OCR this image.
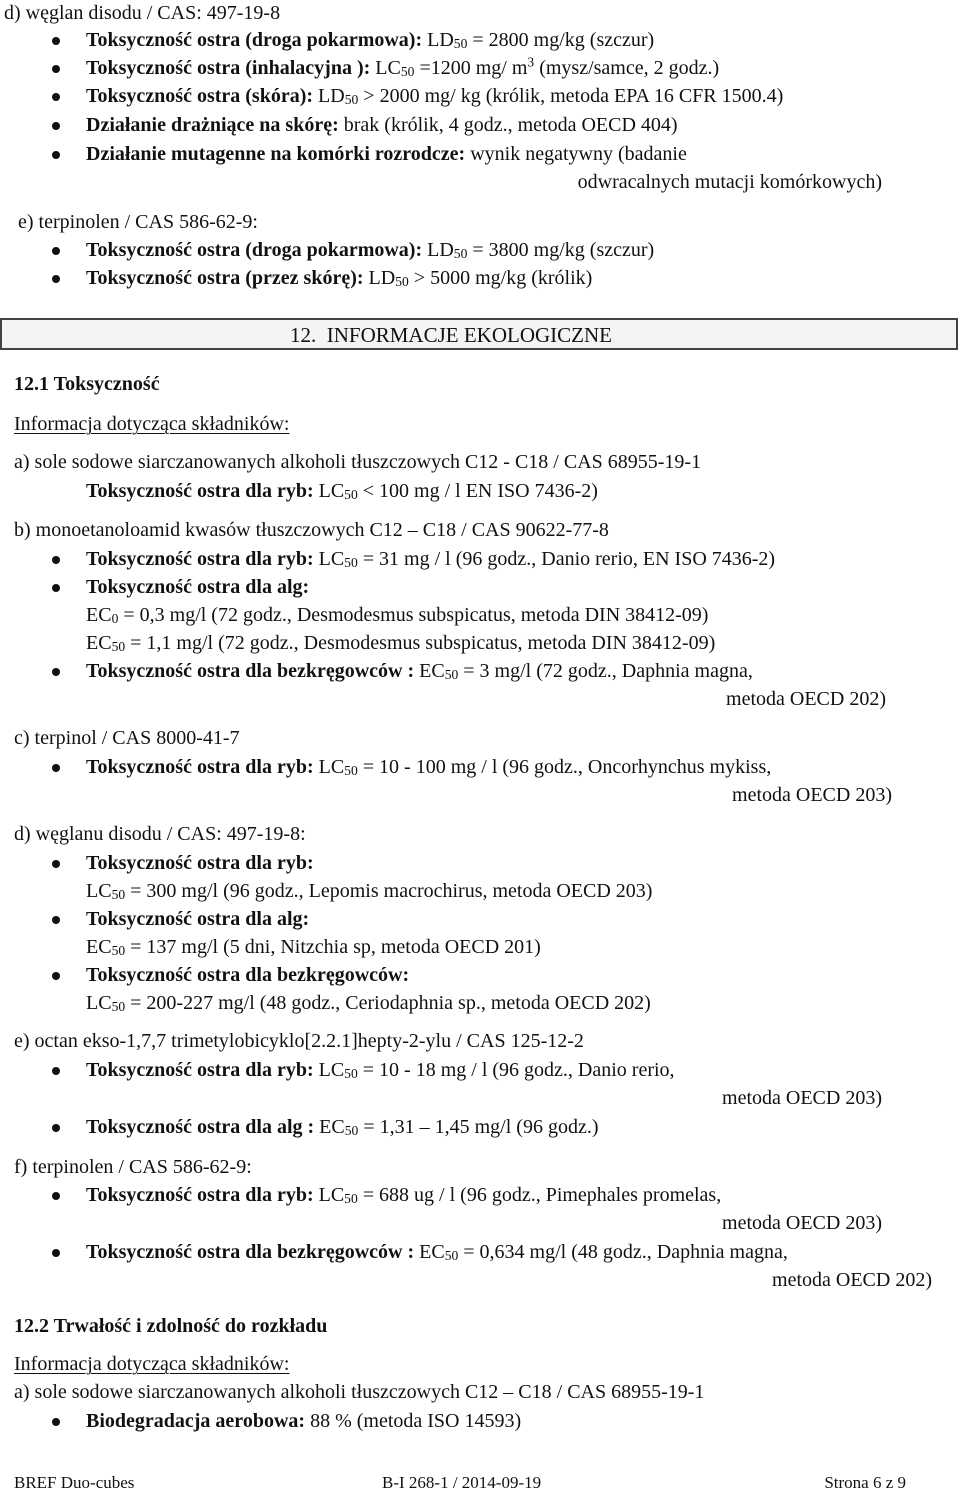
d) węglan disodu / CAS: 497-19-8
Toksyczność ostra (droga pokarmowa): $LD_{50} = 2800$ mg/kg (szczur)
Toksyczność ostra (inhalacyjna ): $LC_{50} =1200$ mg/ $m^3$ (mysz/samce, 2 godz.)
Toksyczność ostra (skóra): $LD_{50} > 2000$ mg/ kg (królik, metoda EPA 16 CFR 1500.4)
Działanie drażniące na skórę: brak (królik, 4 godz., metoda OECD 404)
Działanie mutagenne na komórki rozrodcze: wynik negatywny (badanie
odwracalnych mutacji komórkowych)
e) terpinolen / CAS 586-62-9:
Toksyczność ostra (droga pokarmowa): $LD_{50} = 3800$ mg/kg (szczur)
Toksyczność ostra (przez skórę): $LD_{50} > 5000$ mg/kg (królik)
12. INFORMACJE EKOLOGICZNE
12.1 Toksyczność
Informacja dotycząca składników:
a) sole sodowe siarczanowanych alkoholi tłuszczowych C12 - C18 / CAS 68955-19-1
Toksyczność ostra dla ryb: $LC_{50} < 100$ mg / l EN ISO 7436-2)
b) monoetanoloamid kwasów tłuszczowych C12 – C18 / CAS 90622-77-8
Toksyczność ostra dla ryb: $LC_{50} = 31$ mg / l (96 godz., Danio rerio, EN ISO 7436-2)
Toksyczność ostra dla alg:
$EC_0 = 0,3$ mg/l (72 godz., Desmodesmus subspicatus, metoda DIN 38412-09)
$EC_{50} = 1,1$ mg/l (72 godz., Desmodesmus subspicatus, metoda DIN 38412-09)
Toksyczność ostra dla bezkręgowców : $EC_{50} = 3$ mg/l (72 godz., Daphnia magna,
metoda OECD 202)
c) terpinol / CAS 8000-41-7
Toksyczność ostra dla ryb: $LC_{50} = 10 - 100$ mg / l (96 godz., Oncorhynchus mykiss,
metoda OECD 203)
d) węglanu disodu / CAS: 497-19-8:
Toksyczność ostra dla ryb:
$LC_{50} = 300$ mg/l (96 godz., Lepomis macrochirus, metoda OECD 203)
Toksyczność ostra dla alg:
$EC_{50} = 137$ mg/l (5 dni, Nitzchia sp, metoda OECD 201)
Toksyczność ostra dla bezkręgowców:
$LC_{50} = 200-227$ mg/l (48 godz., Ceriodaphnia sp., metoda OECD 202)
e) octan ekso-1,7,7 trimetylobicyklo[2.2.1]hepty-2-ylu / CAS 125-12-2
Toksyczność ostra dla ryb: $LC_{50} = 10 - 18$ mg / l (96 godz., Danio rerio,
metoda OECD 203)
Toksyczność ostra dla alg : $EC_{50} = 1,31 - 1,45$ mg/l (96 godz.)
f) terpinolen / CAS 586-62-9:
Toksyczność ostra dla ryb: $LC_{50} = 688$ ug / l (96 godz., Pimephales promelas,
metoda OECD 203)
Toksyczność ostra dla bezkręgowców : $EC_{50} = 0,634$ mg/l (48 godz., Daphnia magna,
metoda OECD 202)
12.2 Trwałość i zdolność do rozkładu
Informacja dotycząca składników:
a) sole sodowe siarczanowanych alkoholi tłuszczowych C12 – C18 / CAS 68955-19-1
Biodegradacja aerobowa: 88 % (metoda ISO 14593)
BREF Duo-cubes	B-I 268-1 / 2014-09-19	Strona 6 z 9
